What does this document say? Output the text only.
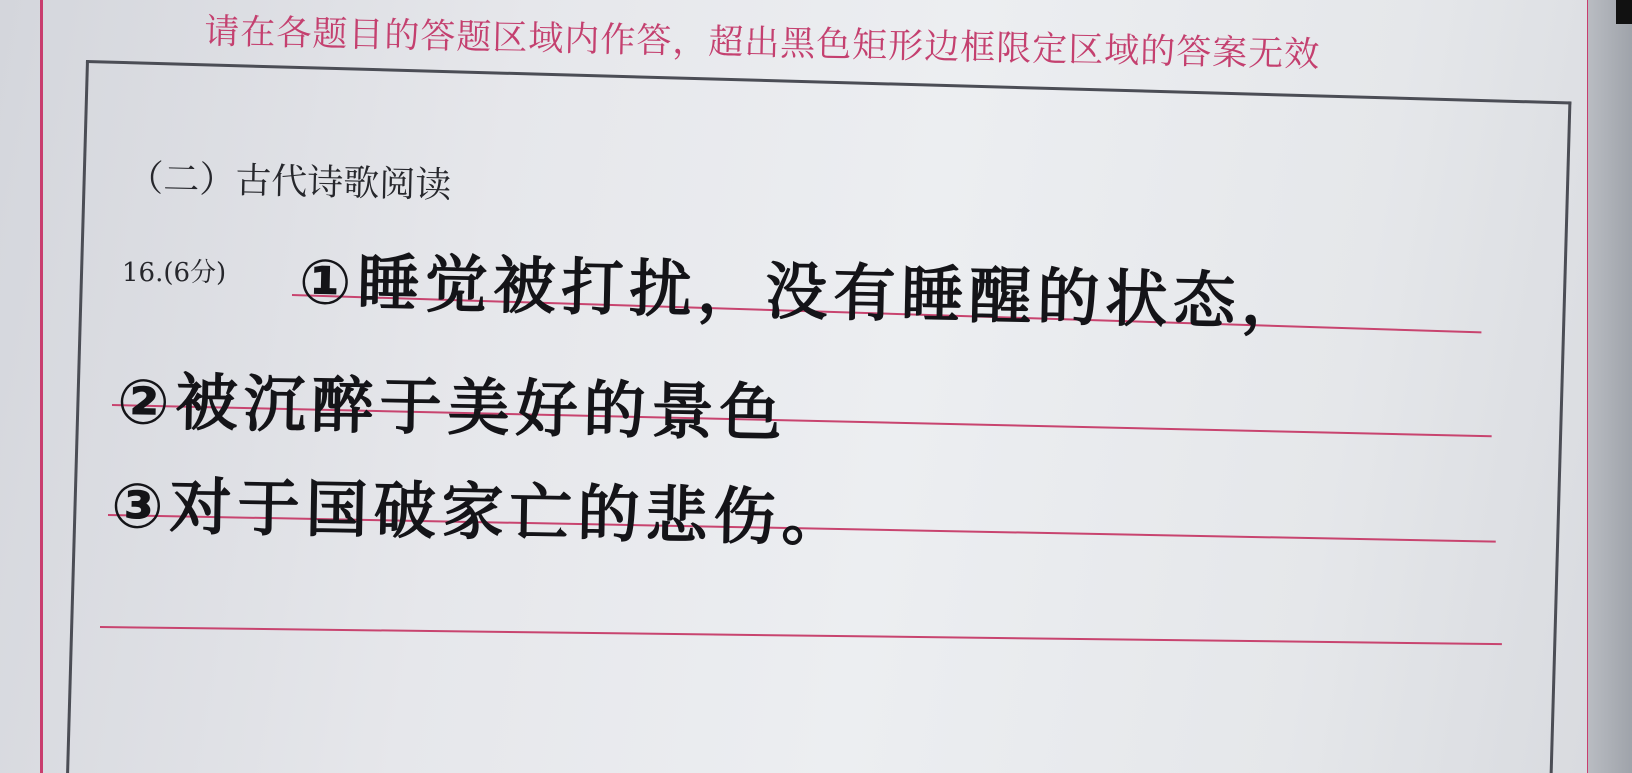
请在各题目的答题区域内作答，超出黑色矩形边框限定区域的答案无效
（二）古代诗歌阅读
16.(6分) ①睡觉被打扰，没有睡醒的状态，
②被沉醉于美好的景色
③对于国破家亡的悲伤。
